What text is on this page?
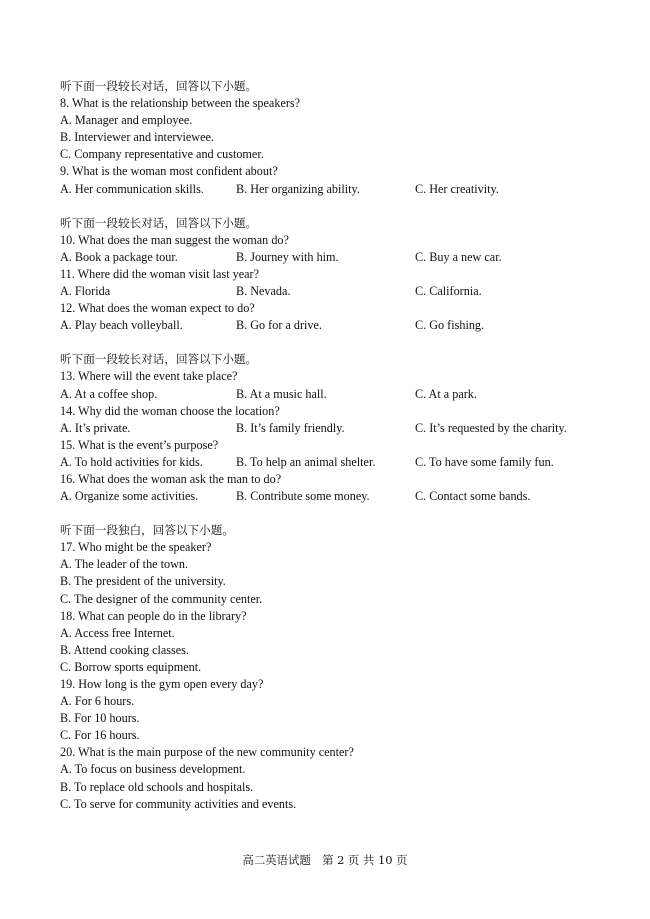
听下面一段较长对话，回答以下小题。
8. What is the relationship between the speakers?
A. Manager and employee.
B. Interviewer and interviewee.
C. Company representative and customer.
9. What is the woman most confident about?
A. Her communication skills.	B. Her organizing ability.	C. Her creativity.
听下面一段较长对话，回答以下小题。
10. What does the man suggest the woman do?
A. Book a package tour.	B. Journey with him.	C. Buy a new car.
11. Where did the woman visit last year?
A. Florida	B. Nevada.	C. California.
12. What does the woman expect to do?
A. Play beach volleyball.	B. Go for a drive.	C. Go fishing.
听下面一段较长对话，回答以下小题。
13. Where will the event take place?
A. At a coffee shop.	B. At a music hall.	C. At a park.
14. Why did the woman choose the location?
A. It’s private.	B. It’s family friendly.	C. It’s requested by the charity.
15. What is the event’s purpose?
A. To hold activities for kids.	B. To help an animal shelter.	C. To have some family fun.
16. What does the woman ask the man to do?
A. Organize some activities.	B. Contribute some money.	C. Contact some bands.
听下面一段独白，回答以下小题。
17. Who might be the speaker?
A. The leader of the town.
B. The president of the university.
C. The designer of the community center.
18. What can people do in the library?
A. Access free Internet.
B. Attend cooking classes.
C. Borrow sports equipment.
19. How long is the gym open every day?
A. For 6 hours.
B. For 10 hours.
C. For 16 hours.
20. What is the main purpose of the new community center?
A. To focus on business development.
B. To replace old schools and hospitals.
C. To serve for community activities and events.
高二英语试题　第 2 页 共 10 页
